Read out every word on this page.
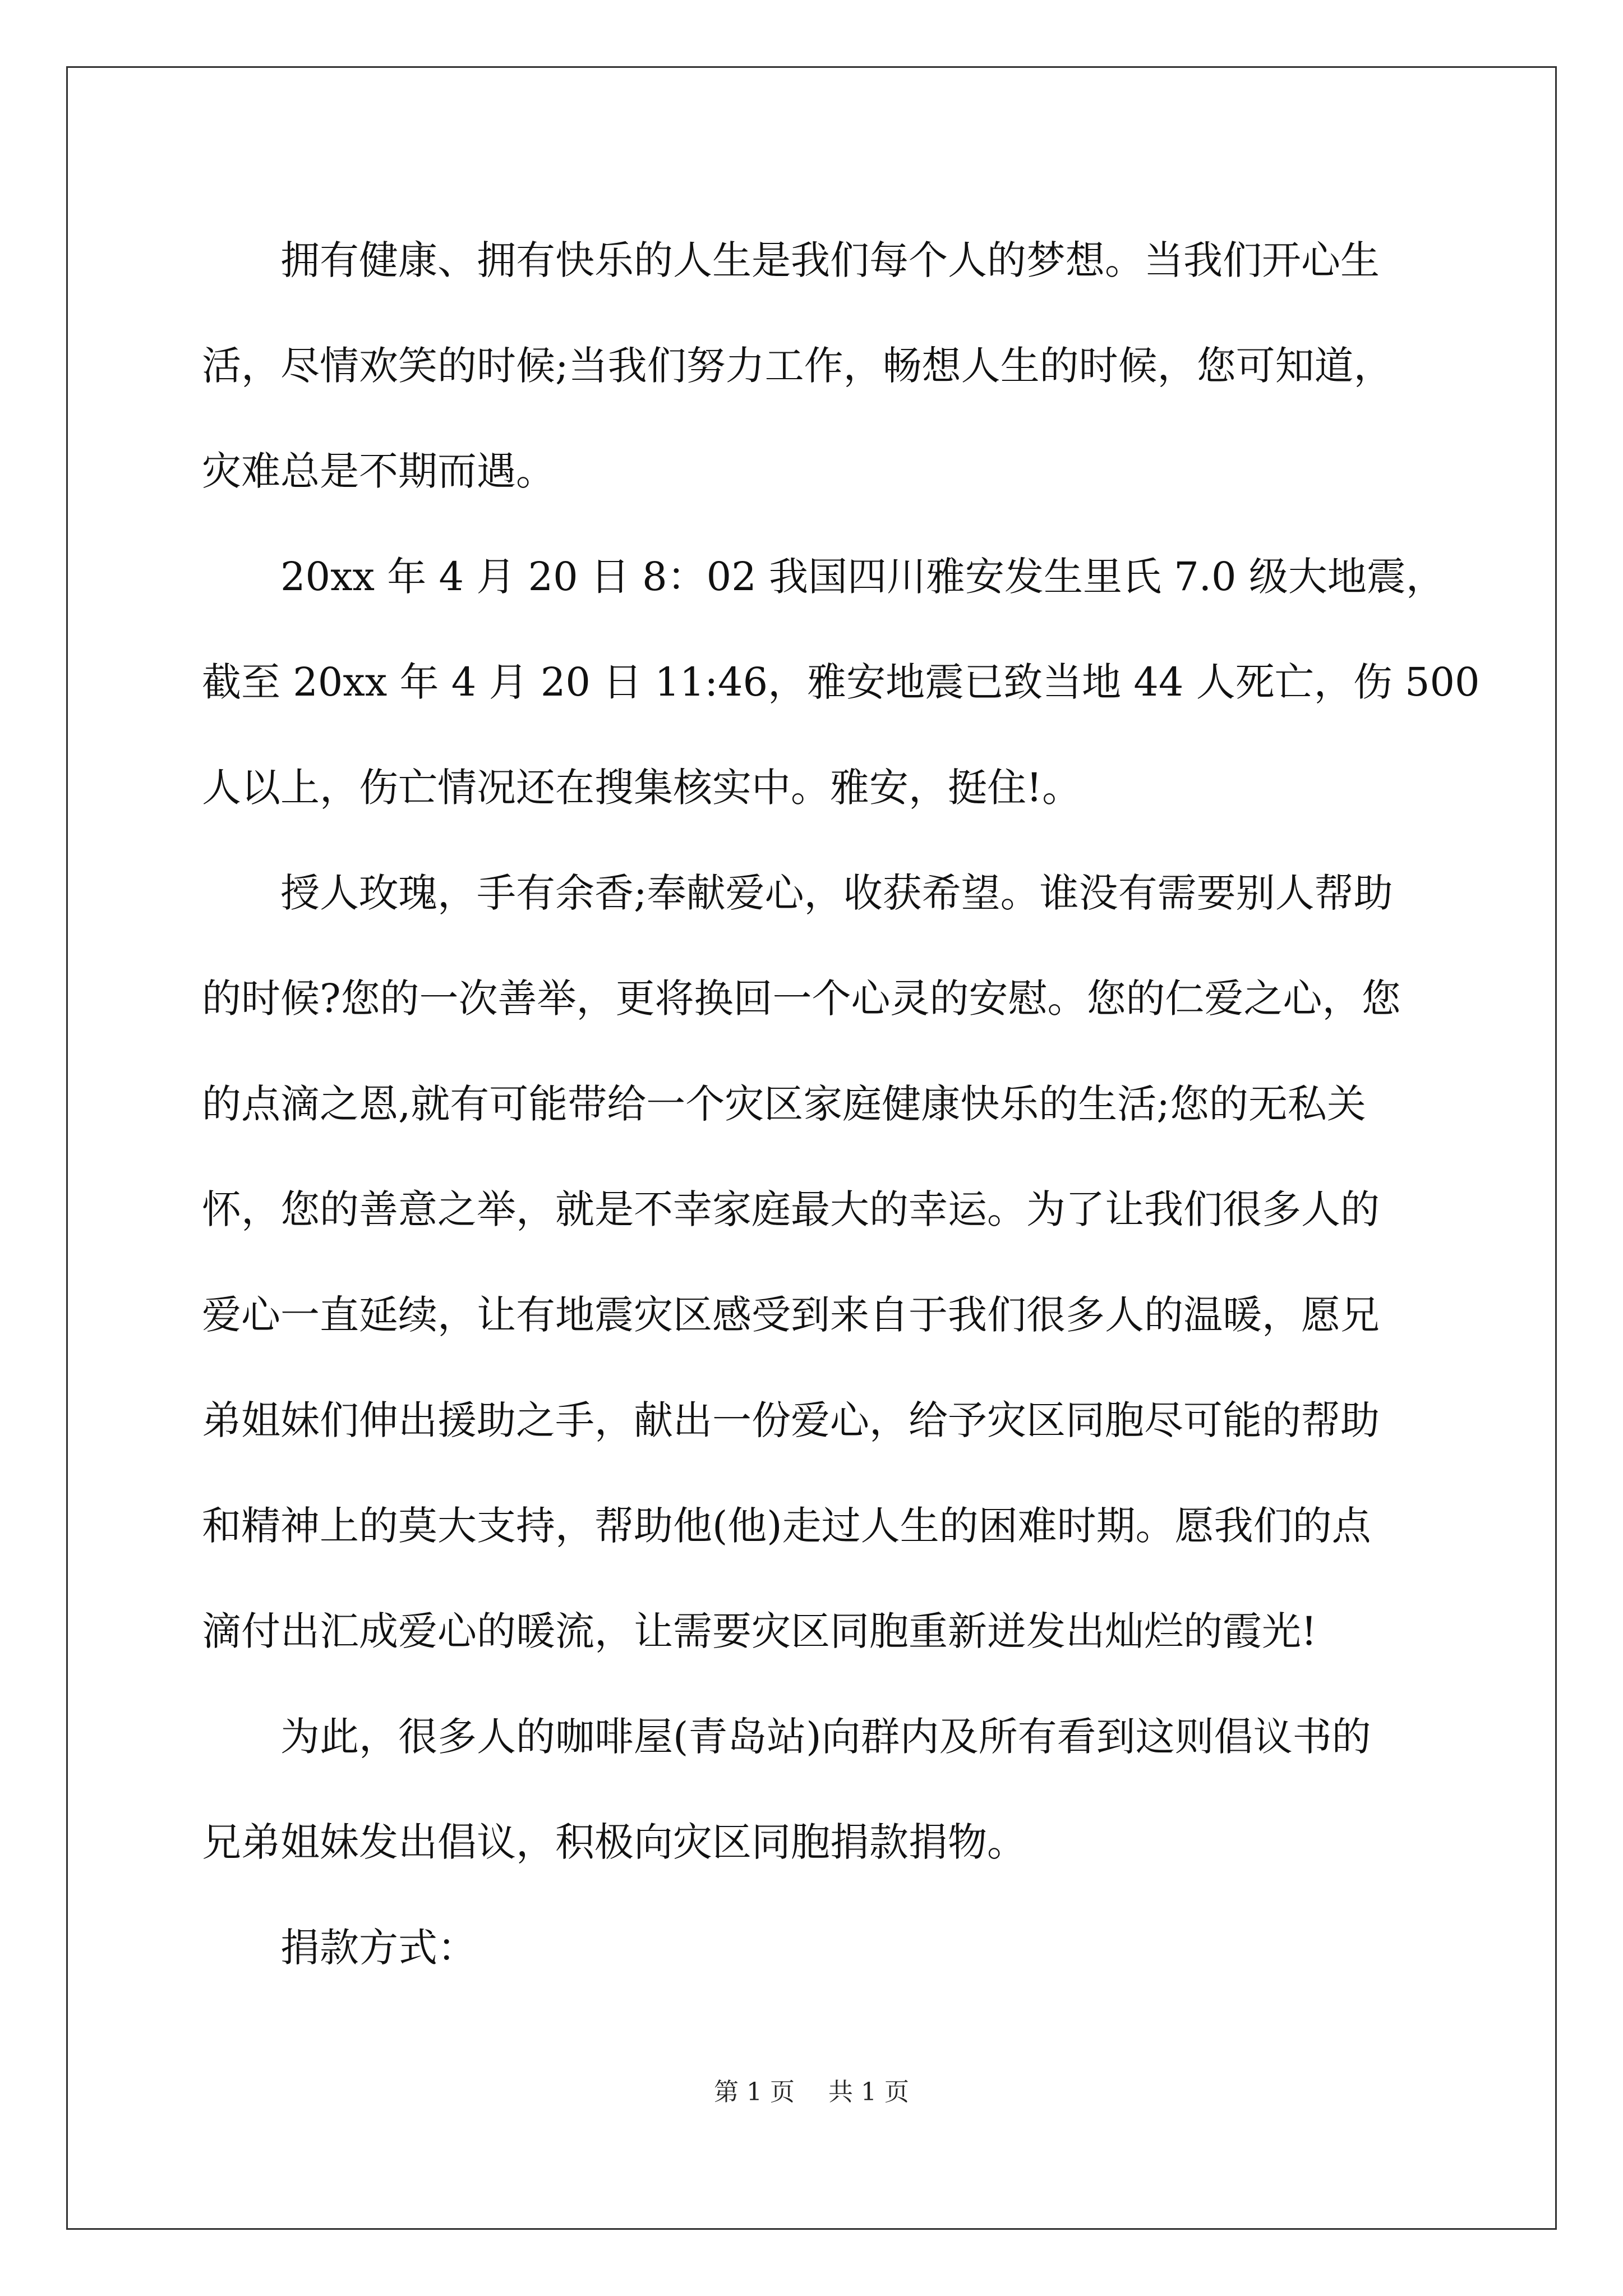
拥有健康、拥有快乐的人生是我们每个人的梦想。当我们开心生
活，尽情欢笑的时候;当我们努力工作，畅想人生的时候，您可知道，
灾难总是不期而遇。
20xx 年 4 月 20 日 8：02 我国四川雅安发生里氏 7.0 级大地震，
截至 20xx 年 4 月 20 日 11:46，雅安地震已致当地 44 人死亡，伤 500
人以上，伤亡情况还在搜集核实中。雅安，挺住!。
授人玫瑰，手有余香;奉献爱心，收获希望。谁没有需要别人帮助
的时候?您的一次善举，更将换回一个心灵的安慰。您的仁爱之心，您
的点滴之恩,就有可能带给一个灾区家庭健康快乐的生活;您的无私关
怀，您的善意之举，就是不幸家庭最大的幸运。为了让我们很多人的
爱心一直延续，让有地震灾区感受到来自于我们很多人的温暖，愿兄
弟姐妹们伸出援助之手，献出一份爱心，给予灾区同胞尽可能的帮助
和精神上的莫大支持，帮助他(他)走过人生的困难时期。愿我们的点
滴付出汇成爱心的暖流，让需要灾区同胞重新迸发出灿烂的霞光!
为此，很多人的咖啡屋(青岛站)向群内及所有看到这则倡议书的
兄弟姐妹发出倡议，积极向灾区同胞捐款捐物。
捐款方式：
第 1 页 共 1 页
